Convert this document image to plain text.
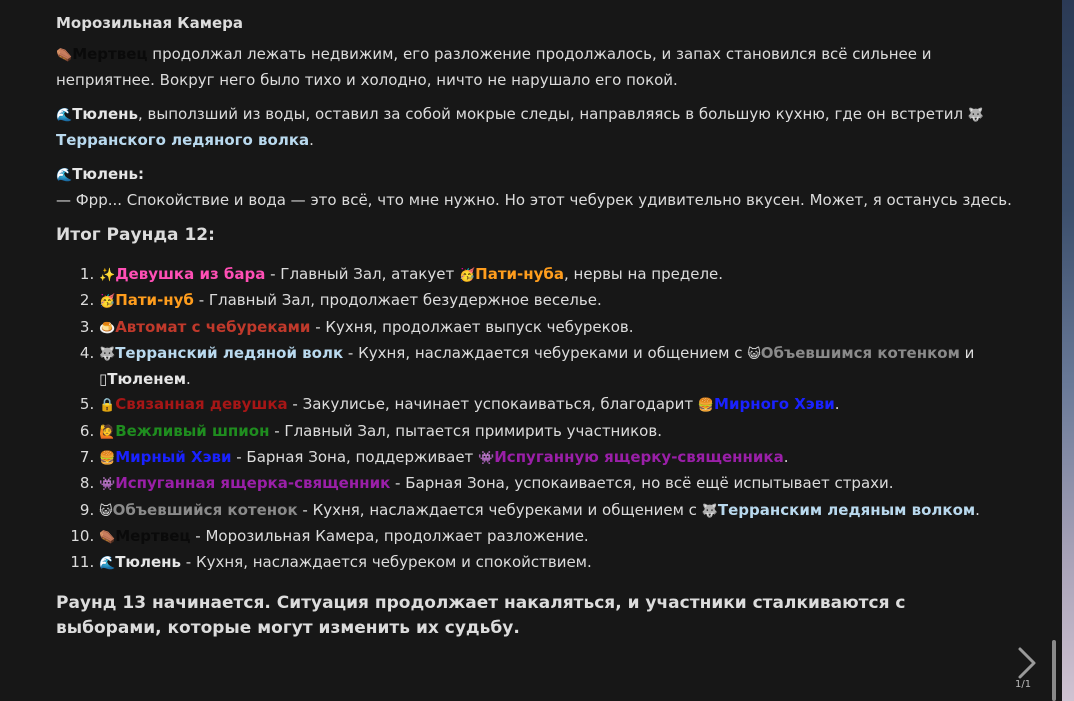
Морозильная Камера

⚰️Мертвец продолжал лежать недвижим, его разложение продолжалось, и запах становился всё сильнее и неприятнее. Вокруг него было тихо и холодно, ничто не нарушало его покой.

🌊Тюлень, выползший из воды, оставил за собой мокрые следы, направляясь в большую кухню, где он встретил 🐺Терранского ледяного волка.

🌊Тюлень:
— Фрр... Спокойствие и вода — это всё, что мне нужно. Но этот чебурек удивительно вкусен. Может, я останусь здесь.

Итог Раунда 12:
1. ✨Девушка из бара - Главный Зал, атакует 🥳Пати-нуба, нервы на пределе.
2. 🥳Пати-нуб - Главный Зал, продолжает безудержное веселье.
3. 🍮Автомат с чебуреками - Кухня, продолжает выпуск чебуреков.
4. 🐺Терранский ледяной волк - Кухня, наслаждается чебуреками и общением с 😺Объевшимся котенком и ▯Тюленем.
5. 🔒Связанная девушка - Закулисье, начинает успокаиваться, благодарит 🍔Мирного Хэви.
6. 🙋Вежливый шпион - Главный Зал, пытается примирить участников.
7. 🍔Мирный Хэви - Барная Зона, поддерживает 👾Испуганную ящерку-священника.
8. 👾Испуганная ящерка-священник - Барная Зона, успокаивается, но всё ещё испытывает страхи.
9. 😺Объевшийся котенок - Кухня, наслаждается чебуреками и общением с 🐺Терранским ледяным волком.
10. ⚰️Мертвец - Морозильная Камера, продолжает разложение.
11. 🌊Тюлень - Кухня, наслаждается чебуреком и спокойствием.
Раунд 13 начинается. Ситуация продолжает накаляться, и участники сталкиваются с выборами, которые могут изменить их судьбу.
1/1
